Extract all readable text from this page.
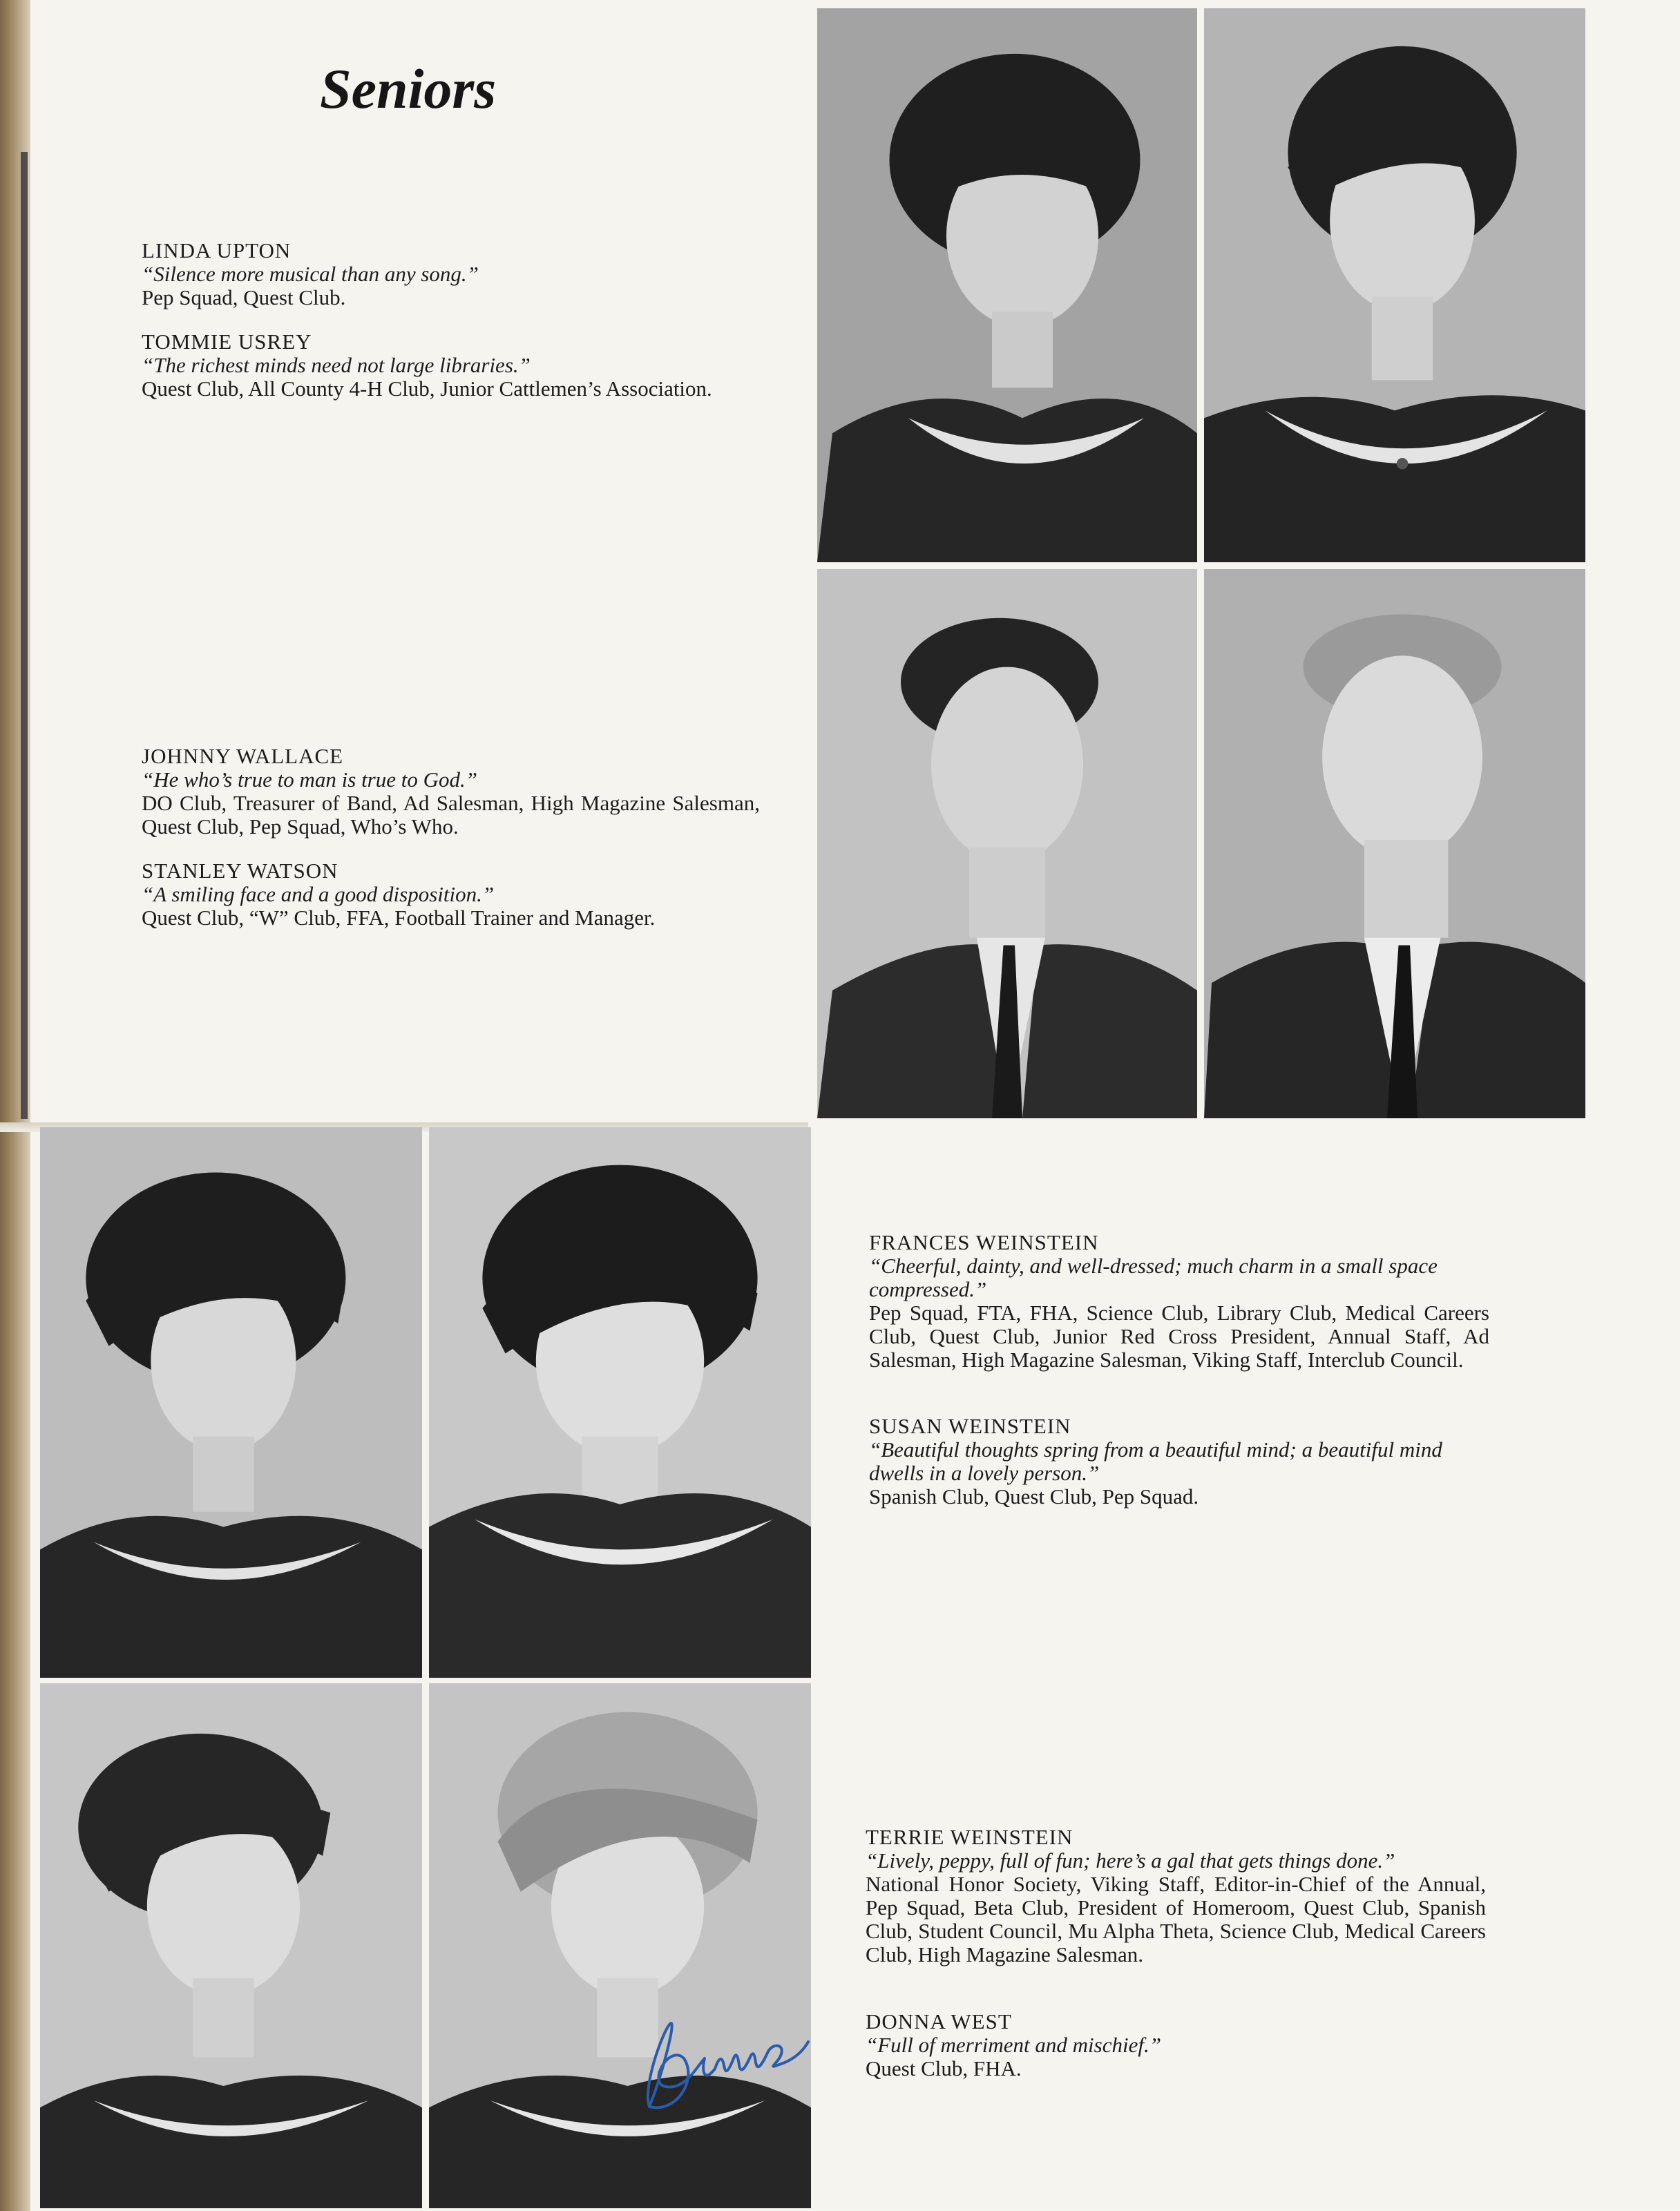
Seniors
LINDA UPTON
“Silence more musical than any song.”
Pep Squad, Quest Club.
TOMMIE USREY
“The richest minds need not large libraries.”
Quest Club, All County 4-H Club, Junior Cattlemen’s Association.
JOHNNY WALLACE
“He who’s true to man is true to God.”
DO Club, Treasurer of Band, Ad Salesman, High Magazine Salesman, Quest Club, Pep Squad, Who’s Who.
STANLEY WATSON
“A smiling face and a good disposition.”
Quest Club, “W” Club, FFA, Football Trainer and Manager.
FRANCES WEINSTEIN
“Cheerful, dainty, and well-dressed; much charm in a small space compressed.”
Pep Squad, FTA, FHA, Science Club, Library Club, Medical Careers Club, Quest Club, Junior Red Cross President, Annual Staff, Ad Salesman, High Magazine Salesman, Viking Staff, Interclub Council.
SUSAN WEINSTEIN
“Beautiful thoughts spring from a beautiful mind; a beautiful mind dwells in a lovely person.”
Spanish Club, Quest Club, Pep Squad.
TERRIE WEINSTEIN
“Lively, peppy, full of fun; here’s a gal that gets things done.”
National Honor Society, Viking Staff, Editor-in-Chief of the Annual, Pep Squad, Beta Club, President of Homeroom, Quest Club, Spanish Club, Student Council, Mu Alpha Theta, Science Club, Medical Careers Club, High Magazine Salesman.
DONNA WEST
“Full of merriment and mischief.”
Quest Club, FHA.
